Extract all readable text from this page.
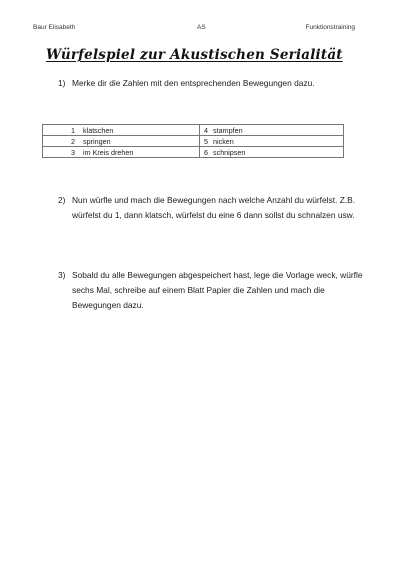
Baur Elisabeth	AS	Funktionstraining
Würfelspiel zur Akustischen Serialität
1) Merke dir die Zahlen mit den entsprechenden Bewegungen dazu.
1 klatschen	4 stampfen
2 springen	5 nicken
3 im Kreis drehen	6 schnipsen
2) Nun würfle und mach die Bewegungen nach welche Anzahl du würfelst. Z.B. würfelst du 1, dann klatsch, würfelst du eine 6 dann sollst du schnalzen usw.
3) Sobald du alle Bewegungen abgespeichert hast, lege die Vorlage weck, würfle sechs Mal, schreibe auf einem Blatt Papier die Zahlen und mach die Bewegungen dazu.
